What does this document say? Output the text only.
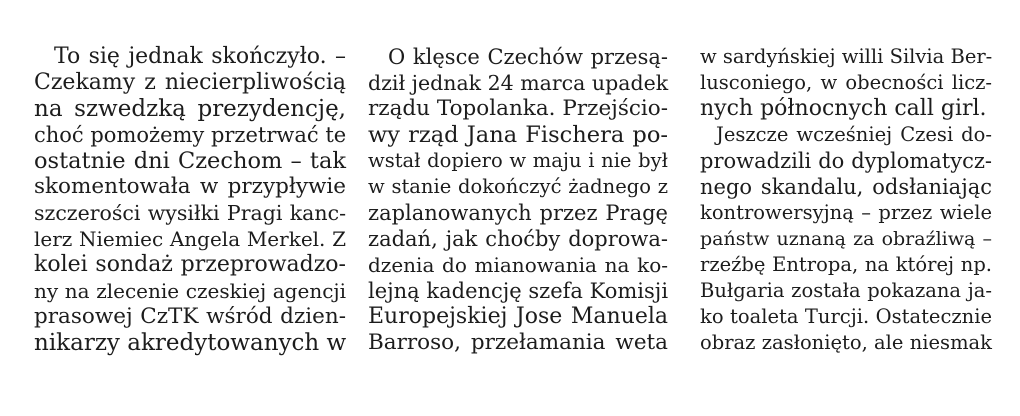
To się jednak skończyło. –
Czekamy z niecierpliwością
na szwedzką prezydencję,
choć pomożemy przetrwać te
ostatnie dni Czechom – tak
skomentowała w przypływie
szczerości wysiłki Pragi kanc-
lerz Niemiec Angela Merkel. Z
kolei sondaż przeprowadzo-
ny na zlecenie czeskiej agencji
prasowej CzTK wśród dzien-
nikarzy akredytowanych w
O klęsce Czechów przesą-
dził jednak 24 marca upadek
rządu Topolanka. Przejścio-
wy rząd Jana Fischera po-
wstał dopiero w maju i nie był
w stanie dokończyć żadnego z
zaplanowanych przez Pragę
zadań, jak choćby doprowa-
dzenia do mianowania na ko-
lejną kadencję szefa Komisji
Europejskiej Jose Manuela
Barroso, przełamania weta
w sardyńskiej willi Silvia Ber-
lusconiego, w obecności licz-
nych północnych call girl.
Jeszcze wcześniej Czesi do-
prowadzili do dyplomatycz-
nego skandalu, odsłaniając
kontrowersyjną – przez wiele
państw uznaną za obraźliwą –
rzeźbę Entropa, na której np.
Bułgaria została pokazana ja-
ko toaleta Turcji. Ostatecznie
obraz zasłonięto, ale niesmak
